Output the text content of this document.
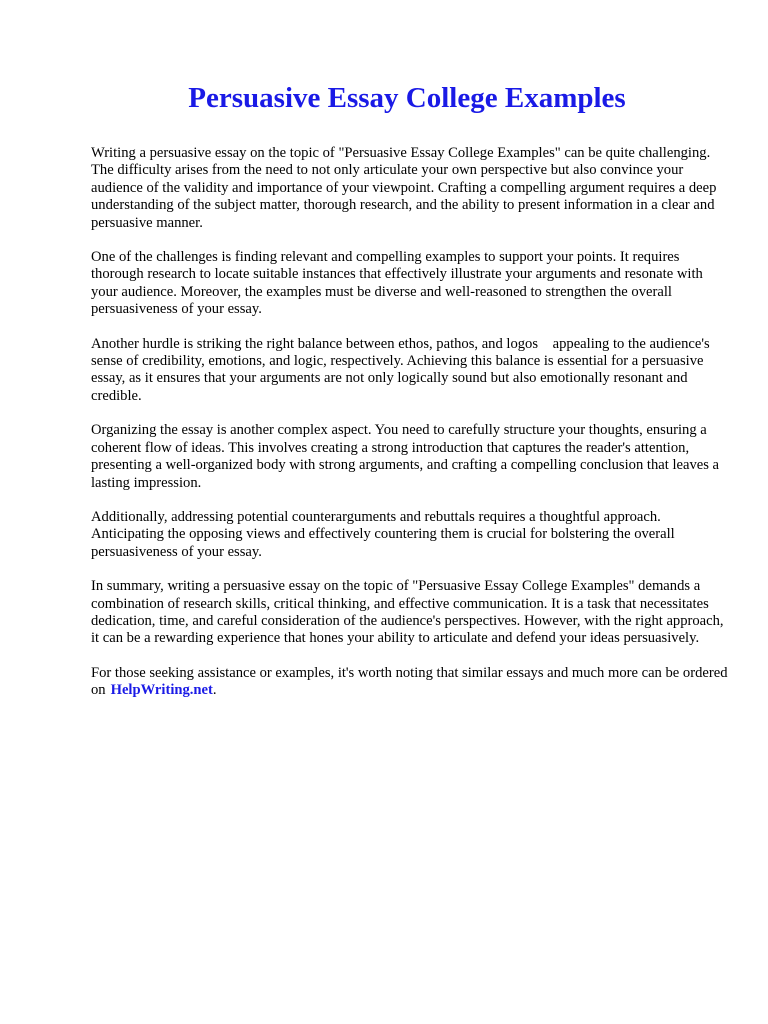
Persuasive Essay College Examples

Writing a persuasive essay on the topic of "Persuasive Essay College Examples" can be quite challenging. The difficulty arises from the need to not only articulate your own perspective but also convince your audience of the validity and importance of your viewpoint. Crafting a compelling argument requires a deep understanding of the subject matter, thorough research, and the ability to present information in a clear and persuasive manner.

One of the challenges is finding relevant and compelling examples to support your points. It requires thorough research to locate suitable instances that effectively illustrate your arguments and resonate with your audience. Moreover, the examples must be diverse and well-reasoned to strengthen the overall persuasiveness of your essay.

Another hurdle is striking the right balance between ethos, pathos, and logos    appealing to the audience's sense of credibility, emotions, and logic, respectively. Achieving this balance is essential for a persuasive essay, as it ensures that your arguments are not only logically sound but also emotionally resonant and credible.

Organizing the essay is another complex aspect. You need to carefully structure your thoughts, ensuring a coherent flow of ideas. This involves creating a strong introduction that captures the reader's attention, presenting a well-organized body with strong arguments, and crafting a compelling conclusion that leaves a lasting impression.

Additionally, addressing potential counterarguments and rebuttals requires a thoughtful approach. Anticipating the opposing views and effectively countering them is crucial for bolstering the overall persuasiveness of your essay.

In summary, writing a persuasive essay on the topic of "Persuasive Essay College Examples" demands a combination of research skills, critical thinking, and effective communication. It is a task that necessitates dedication, time, and careful consideration of the audience's perspectives. However, with the right approach, it can be a rewarding experience that hones your ability to articulate and defend your ideas persuasively.

For those seeking assistance or examples, it's worth noting that similar essays and much more can be ordered on HelpWriting.net.
